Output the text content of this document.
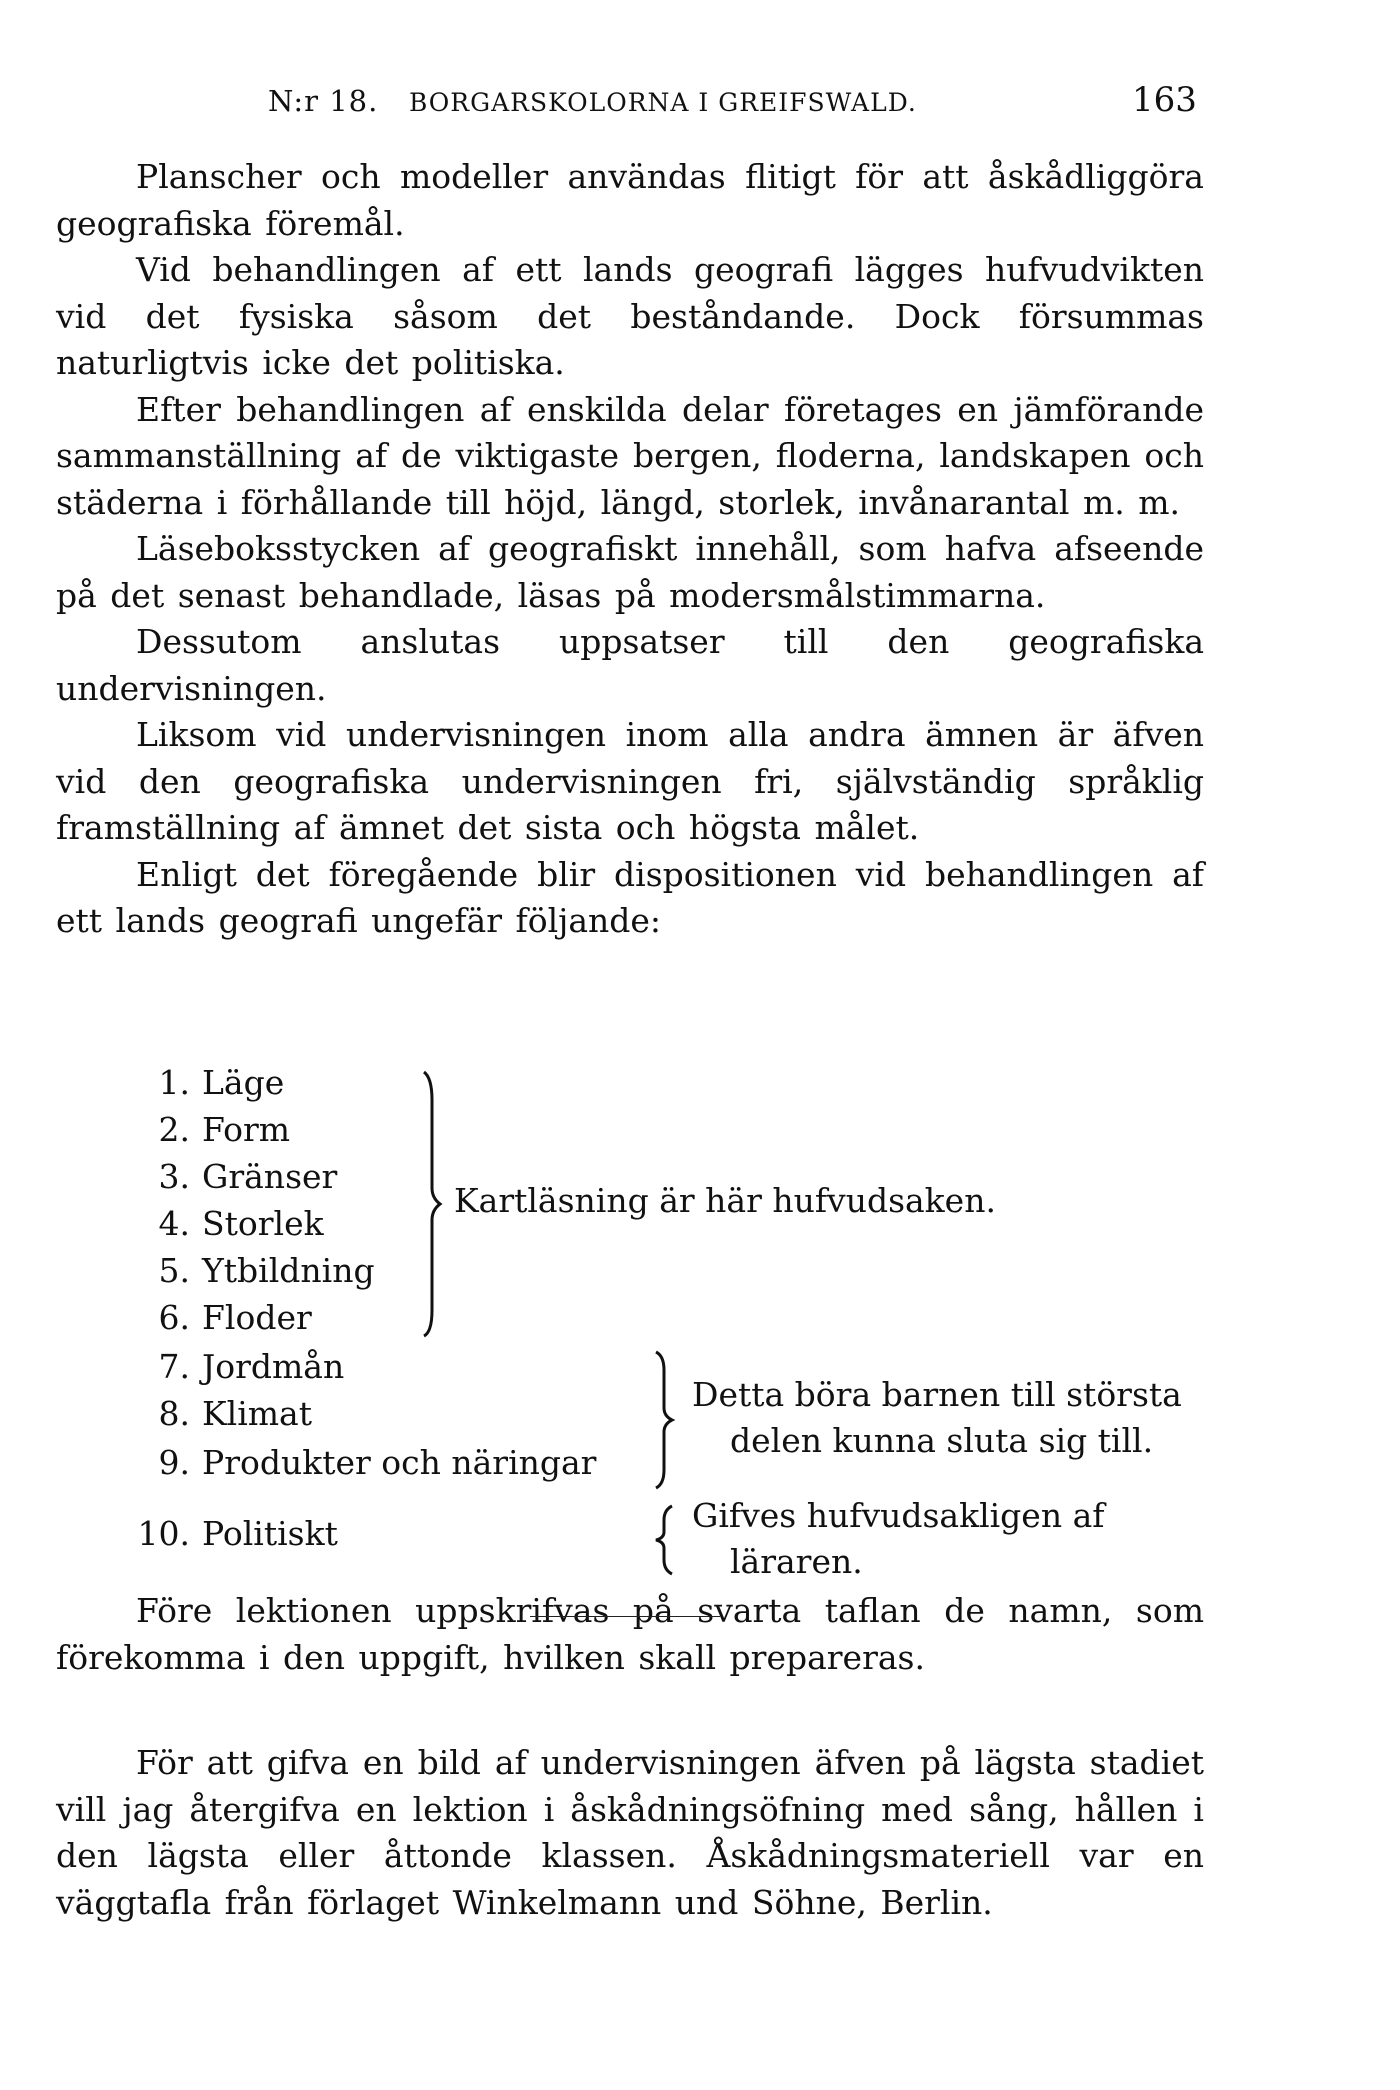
N:r 18. BORGARSKOLORNA I GREIFSWALD.	163

Planscher och modeller användas flitigt för att åskådliggöra geografiska föremål.

Vid behandlingen af ett lands geografi lägges hufvudvikten vid det fysiska såsom det beståndande. Dock försummas naturligtvis icke det politiska.

Efter behandlingen af enskilda delar företages en jämförande sammanställning af de viktigaste bergen, floderna, landskapen och städerna i förhållande till höjd, längd, storlek, invånarantal m. m.

Läseboksstycken af geografiskt innehåll, som hafva afseende på det senast behandlade, läsas på modersmålstimmarna.

Dessutom anslutas uppsatser till den geografiska undervisningen.

Liksom vid undervisningen inom alla andra ämnen är äfven vid den geografiska undervisningen fri, självständig språklig framställning af ämnet det sista och högsta målet.

Enligt det föregående blir dispositionen vid behandlingen af ett lands geografi ungefär följande:

1. Läge
2. Form
3. Gränser
4. Storlek
5. Ytbildning
6. Floder
7. Jordmån
8. Klimat
9. Produkter och näringar
10. Politiskt
Kartläsning är här hufvudsaken.
Detta böra barnen till största
delen kunna sluta sig till.
Gifves hufvudsakligen af
läraren.

Före lektionen uppskrifvas på svarta taflan de namn, som förekomma i den uppgift, hvilken skall prepareras.

För att gifva en bild af undervisningen äfven på lägsta stadiet vill jag återgifva en lektion i åskådningsöfning med sång, hållen i den lägsta eller åttonde klassen. Åskådningsmateriell var en väggtafla från förlaget Winkelmann und Söhne, Berlin.
